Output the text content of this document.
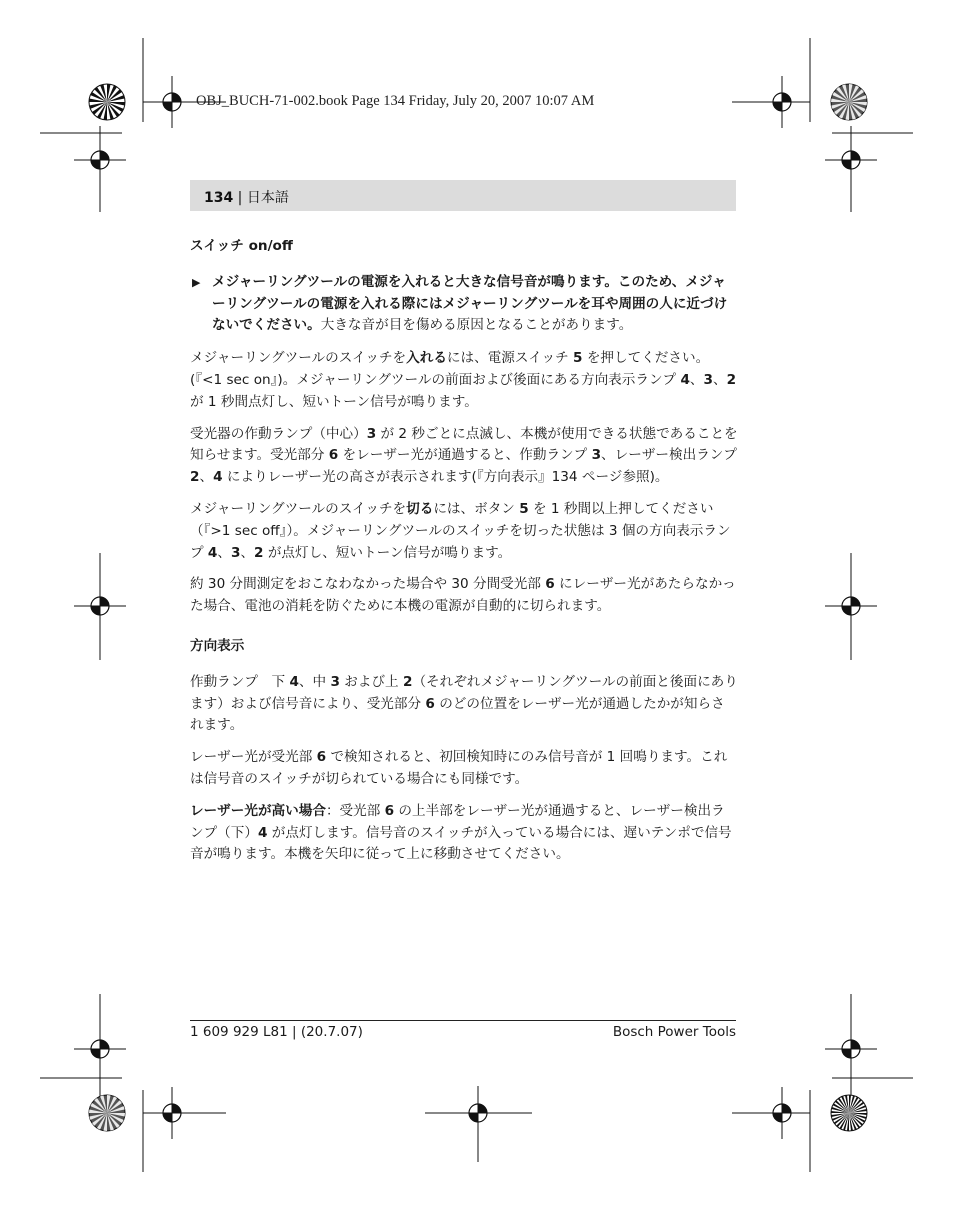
OBJ_BUCH-71-002.book Page 134 Friday, July 20, 2007 10:07 AM
134 | 日本語
スイッチ on/off
▶ メジャーリングツールの電源を入れると大きな信号音が鳴ります。このため、メジャーリングツールの電源を入れる際にはメジャーリングツールを耳や周囲の人に近づけないでください。大きな音が目を傷める原因となることがあります。
メジャーリングツールのスイッチを入れるには、電源スイッチ 5 を押してください。(『<1 sec on』)。メジャーリングツールの前面および後面にある方向表示ランプ 4、3、2 が 1 秒間点灯し、短いトーン信号が鳴ります。
受光器の作動ランプ（中心）3 が 2 秒ごとに点滅し、本機が使用できる状態であることを知らせます。受光部分 6 をレーザー光が通過すると、作動ランプ 3、レーザー検出ランプ 2、4 によりレーザー光の高さが表示されます(『方向表示』134 ページ参照)。
メジャーリングツールのスイッチを切るには、ボタン 5 を 1 秒間以上押してください（『>1 sec off』）。メジャーリングツールのスイッチを切った状態は 3 個の方向表示ランプ 4、3、2 が点灯し、短いトーン信号が鳴ります。
約 30 分間測定をおこなわなかった場合や 30 分間受光部 6 にレーザー光があたらなかった場合、電池の消耗を防ぐために本機の電源が自動的に切られます。
方向表示
作動ランプ　下 4、中 3 および上 2（それぞれメジャーリングツールの前面と後面にあります）および信号音により、受光部分 6 のどの位置をレーザー光が通過したかが知らされます。
レーザー光が受光部 6 で検知されると、初回検知時にのみ信号音が 1 回鳴ります。これは信号音のスイッチが切られている場合にも同様です。
レーザー光が高い場合：受光部 6 の上半部をレーザー光が通過すると、レーザー検出ランプ（下）4 が点灯します。信号音のスイッチが入っている場合には、遅いテンポで信号音が鳴ります。本機を矢印に従って上に移動させてください。
1 609 929 L81 | (20.7.07)	Bosch Power Tools
